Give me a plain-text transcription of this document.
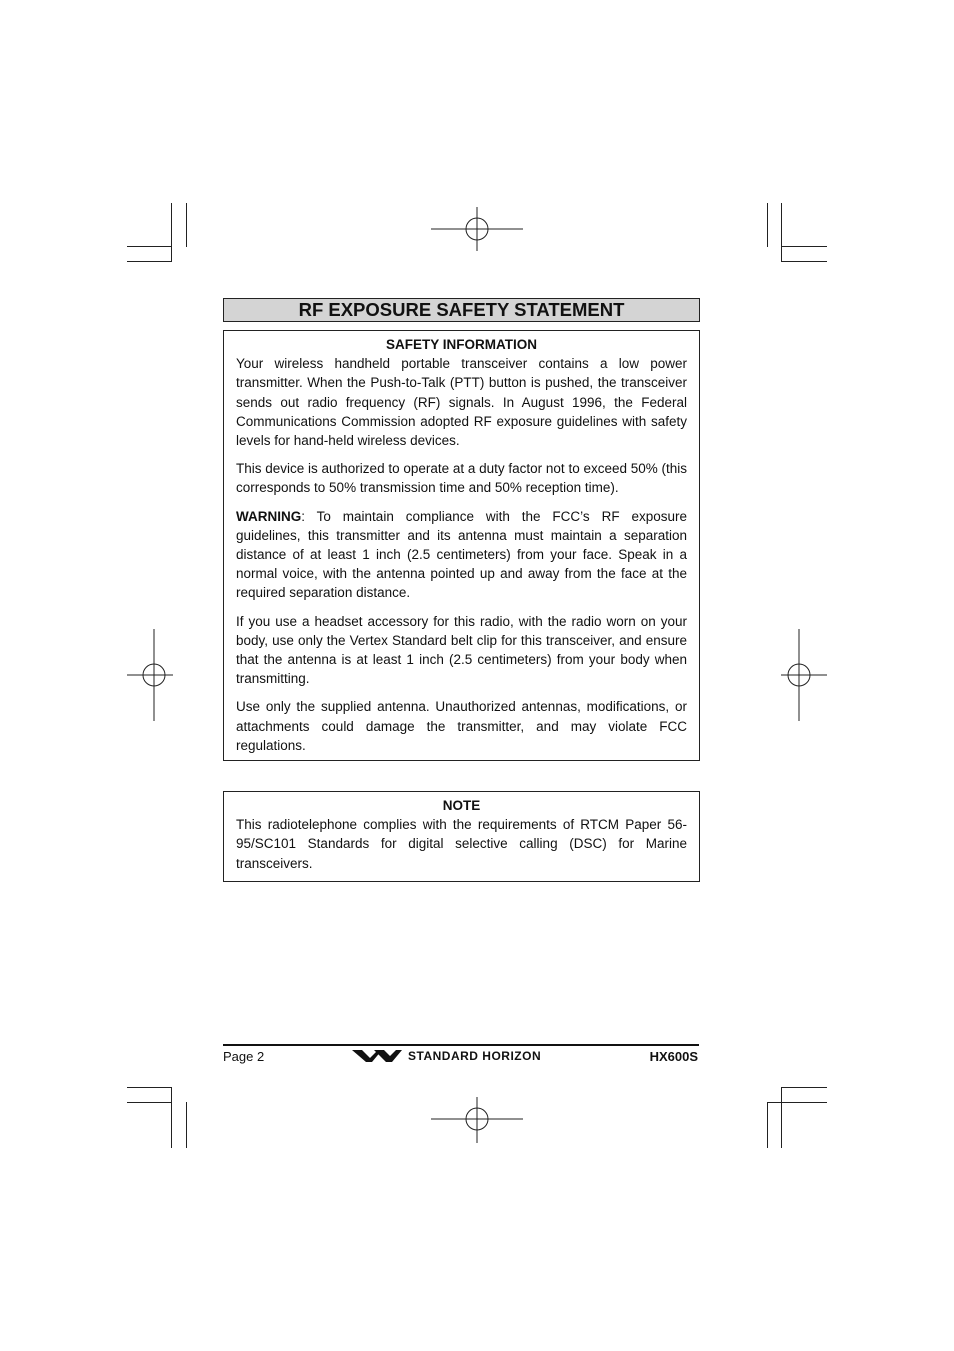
RF EXPOSURE SAFETY STATEMENT
SAFETY INFORMATION

Your wireless handheld portable transceiver contains a low power transmitter. When the Push-to-Talk (PTT) button is pushed, the transceiver sends out radio frequency (RF) signals. In August 1996, the Federal Communications Commission adopted RF exposure guidelines with safety levels for hand-held wireless devices.

This device is authorized to operate at a duty factor not to exceed 50% (this corresponds to 50% transmission time and 50% reception time).

WARNING: To maintain compliance with the FCC’s RF exposure guidelines, this transmitter and its antenna must maintain a separation distance of at least 1 inch (2.5 centimeters) from your face. Speak in a normal voice, with the antenna pointed up and away from the face at the required separation distance.

If you use a headset accessory for this radio, with the radio worn on your body, use only the Vertex Standard belt clip for this transceiver, and ensure that the antenna is at least 1 inch (2.5 centimeters) from your body when transmitting.

Use only the supplied antenna. Unauthorized antennas, modifications, or attachments could damage the transmitter, and may violate FCC regulations.

NOTE

This radiotelephone complies with the requirements of RTCM Paper 56-95/SC101 Standards for digital selective calling (DSC) for Marine transceivers.

Page 2	STANDARD HORIZON	HX600S
